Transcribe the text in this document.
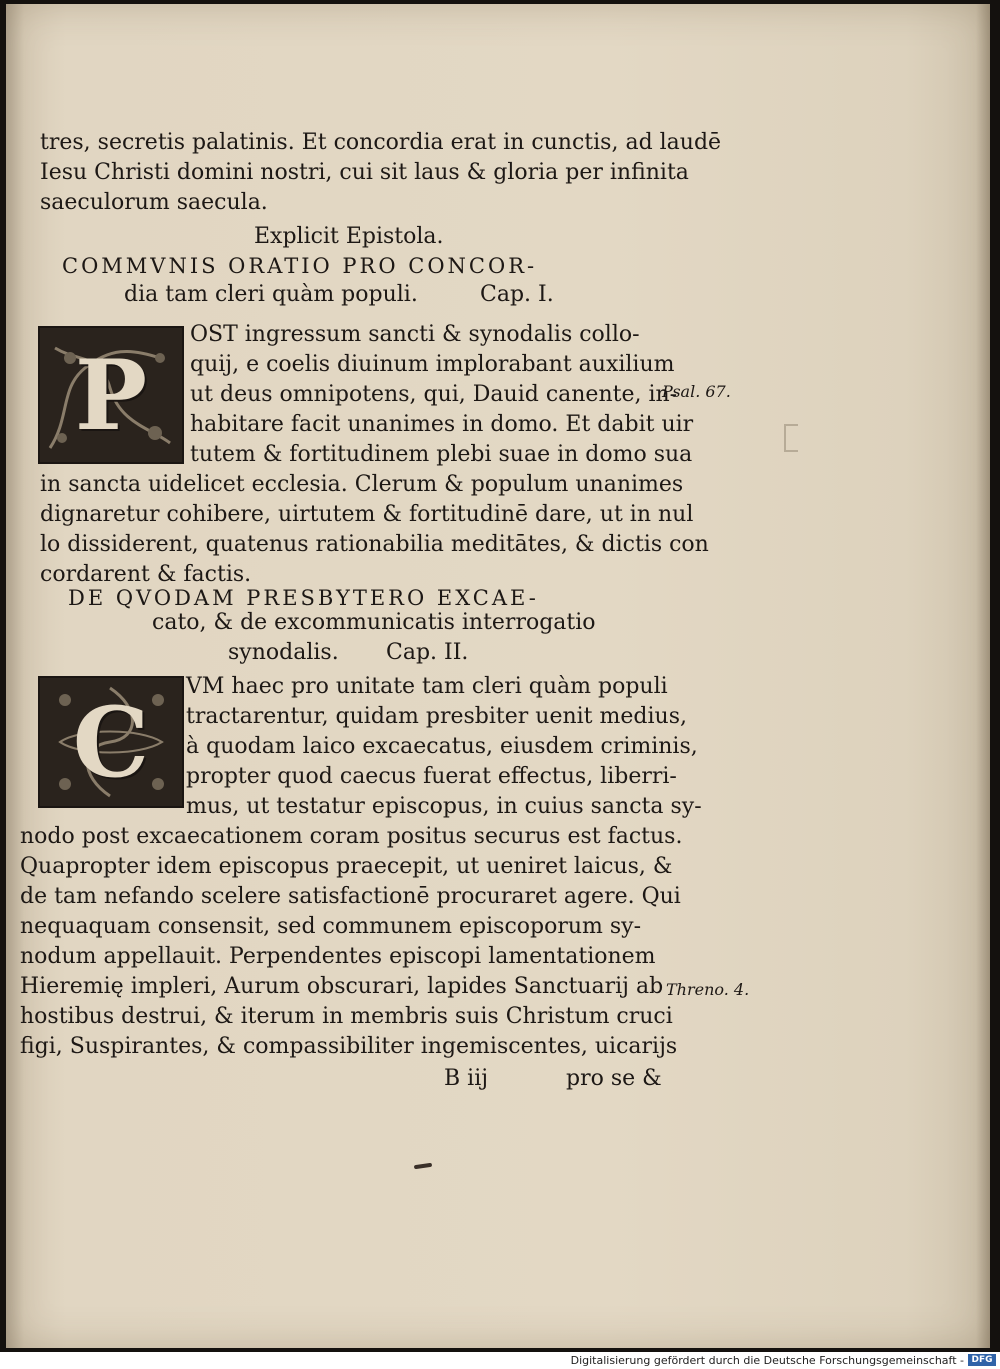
tres, secretis palatinis. Et concordia erat in cunctis, ad laudē
Iesu Christi domini nostri, cui sit laus & gloria per infinita
saeculorum saecula.
Explicit Epistola.
COMMVNIS ORATIO PRO CONCOR-
dia tam cleri quàm populi.	Cap. I.
P
OST ingressum sancti & synodalis collo-
quij, e coelis diuinum implorabant auxilium
ut deus omnipotens, qui, Dauid canente, in-
habitare facit unanimes in domo. Et dabit uir
tutem & fortitudinem plebi suae in domo sua
Psal. 67.
in sancta uidelicet ecclesia. Clerum & populum unanimes
dignaretur cohibere, uirtutem & fortitudinē dare, ut in nul
lo dissiderent, quatenus rationabilia meditātes, & dictis con
cordarent & factis.
DE QVODAM PRESBYTERO EXCAE-
cato, & de excommunicatis interrogatio
synodalis. Cap. II.
C VM haec pro unitate tam cleri quàm populi
tractarentur, quidam presbiter uenit medius,
à quodam laico excaecatus, eiusdem criminis,
propter quod caecus fuerat effectus, liberri-
mus, ut testatur episcopus, in cuius sancta sy-
nodo post excaecationem coram positus securus est factus.
Quapropter idem episcopus praecepit, ut ueniret laicus, &
de tam nefando scelere satisfactionē procuraret agere. Qui
nequaquam consensit, sed communem episcoporum sy-
nodum appellauit. Perpendentes episcopi lamentationem
Hieremię impleri, Aurum obscurari, lapides Sanctuarij ab
hostibus destrui, & iterum in membris suis Christum cruci
figi, Suspirantes, & compassibiliter ingemiscentes, uicarijs
Threno. 4.
B iij	pro se &
Digitalisierung gefördert durch die Deutsche Forschungsgemeinschaft - DFG
